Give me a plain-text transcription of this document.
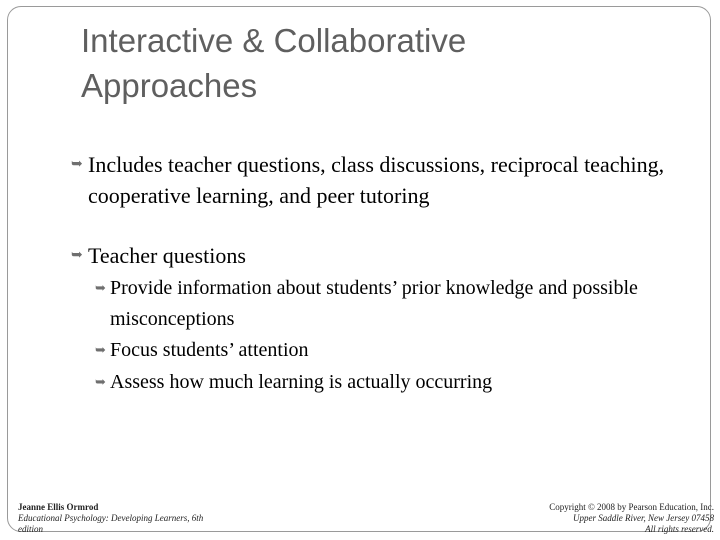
Interactive & Collaborative Approaches
➥ Includes teacher questions, class discussions, reciprocal teaching, cooperative learning, and peer tutoring
➥ Teacher questions
➥ Provide information about students’ prior knowledge and possible misconceptions
➥ Focus students’ attention
➥ Assess how much learning is actually occurring
Jeanne Ellis Ormrod
Educational Psychology: Developing Learners, 6th edition
Copyright © 2008 by Pearson Education, Inc.
Upper Saddle River, New Jersey 07458
All rights reserved.
